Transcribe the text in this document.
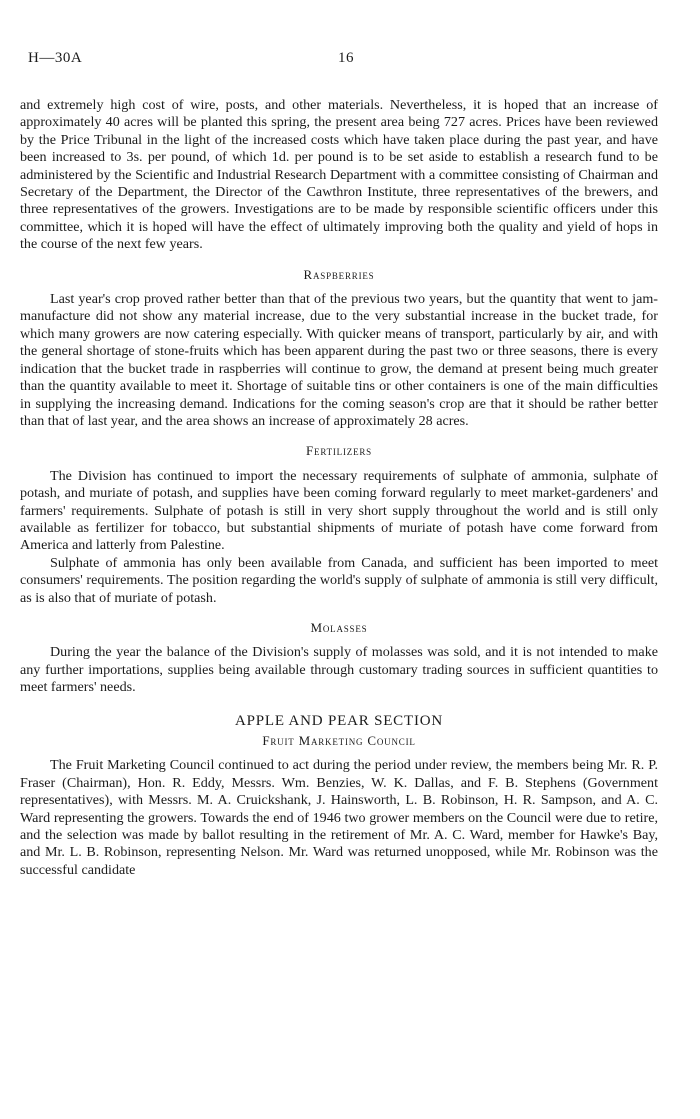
H—30A	16

and extremely high cost of wire, posts, and other materials. Nevertheless, it is hoped that an increase of approximately 40 acres will be planted this spring, the present area being 727 acres. Prices have been reviewed by the Price Tribunal in the light of the increased costs which have taken place during the past year, and have been increased to 3s. per pound, of which 1d. per pound is to be set aside to establish a research fund to be administered by the Scientific and Industrial Research Department with a committee consisting of Chairman and Secretary of the Department, the Director of the Cawthron Institute, three representatives of the brewers, and three representatives of the growers. Investigations are to be made by responsible scientific officers under this committee, which it is hoped will have the effect of ultimately improving both the quality and yield of hops in the course of the next few years.

Raspberries

Last year's crop proved rather better than that of the previous two years, but the quantity that went to jam-manufacture did not show any material increase, due to the very substantial increase in the bucket trade, for which many growers are now catering especially. With quicker means of transport, particularly by air, and with the general shortage of stone-fruits which has been apparent during the past two or three seasons, there is every indication that the bucket trade in raspberries will continue to grow, the demand at present being much greater than the quantity available to meet it. Shortage of suitable tins or other containers is one of the main difficulties in supplying the increasing demand. Indications for the coming season's crop are that it should be rather better than that of last year, and the area shows an increase of approximately 28 acres.

Fertilizers

The Division has continued to import the necessary requirements of sulphate of ammonia, sulphate of potash, and muriate of potash, and supplies have been coming forward regularly to meet market-gardeners' and farmers' requirements. Sulphate of potash is still in very short supply throughout the world and is still only available as fertilizer for tobacco, but substantial shipments of muriate of potash have come forward from America and latterly from Palestine.

Sulphate of ammonia has only been available from Canada, and sufficient has been imported to meet consumers' requirements. The position regarding the world's supply of sulphate of ammonia is still very difficult, as is also that of muriate of potash.

Molasses

During the year the balance of the Division's supply of molasses was sold, and it is not intended to make any further importations, supplies being available through customary trading sources in sufficient quantities to meet farmers' needs.

APPLE AND PEAR SECTION
Fruit Marketing Council

The Fruit Marketing Council continued to act during the period under review, the members being Mr. R. P. Fraser (Chairman), Hon. R. Eddy, Messrs. Wm. Benzies, W. K. Dallas, and F. B. Stephens (Government representatives), with Messrs. M. A. Cruickshank, J. Hainsworth, L. B. Robinson, H. R. Sampson, and A. C. Ward representing the growers. Towards the end of 1946 two grower members on the Council were due to retire, and the selection was made by ballot resulting in the retirement of Mr. A. C. Ward, member for Hawke's Bay, and Mr. L. B. Robinson, representing Nelson. Mr. Ward was returned unopposed, while Mr. Robinson was the successful candidate
